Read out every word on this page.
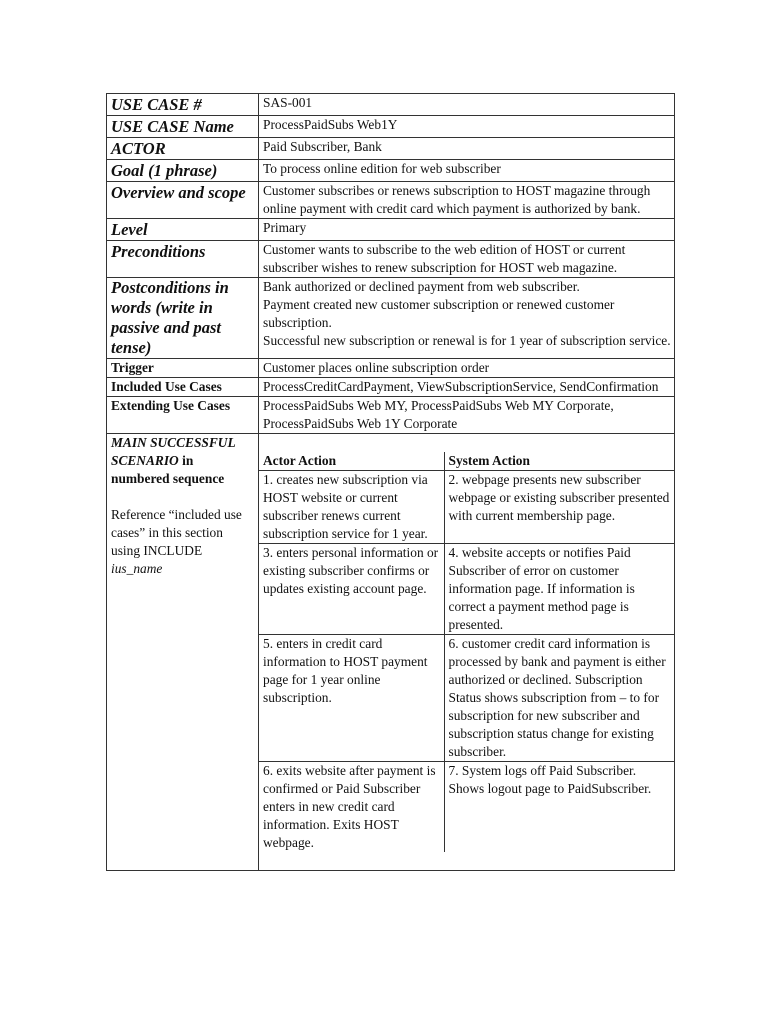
USE CASE #	SAS-001
USE CASE Name	ProcessPaidSubs Web1Y
ACTOR	Paid Subscriber, Bank
Goal (1 phrase)	To process online edition for web subscriber
Overview and scope	Customer subscribes or renews subscription to HOST magazine through online payment with credit card which payment is authorized by bank.
Level	Primary
Preconditions	Customer wants to subscribe to the web edition of HOST or current subscriber wishes to renew subscription for HOST web magazine.
Postconditions in words (write in passive and past tense)	Bank authorized or declined payment from web subscriber.
Payment created new customer subscription or renewed customer subscription.
Successful new subscription or renewal is for 1 year of subscription service.
Trigger	Customer places online subscription order
Included Use Cases	ProcessCreditCardPayment, ViewSubscriptionService, SendConfirmation
Extending Use Cases	ProcessPaidSubs Web MY, ProcessPaidSubs Web MY Corporate, ProcessPaidSubs Web 1Y Corporate
MAIN SUCCESSFUL SCENARIO in numbered sequence

Reference “included use cases” in this section using INCLUDE ius_name	

Actor Action	System Action
1. creates new subscription via HOST website or current subscriber renews current subscription service for 1 year.	2. webpage presents new subscriber webpage or existing subscriber presented with current membership page.
3. enters personal information or existing subscriber confirms or updates existing account page.	4. website accepts or notifies Paid Subscriber of error on customer information page. If information is correct a payment method page is presented.
5. enters in credit card information to HOST payment page for 1 year online subscription.	6. customer credit card information is processed by bank and payment is either authorized or declined. Subscription Status shows subscription from – to for subscription for new subscriber and subscription status change for existing subscriber.
6. exits website after payment is confirmed or Paid Subscriber enters in new credit card information. Exits HOST webpage.	7. System logs off Paid Subscriber. Shows logout page to PaidSubscriber.
